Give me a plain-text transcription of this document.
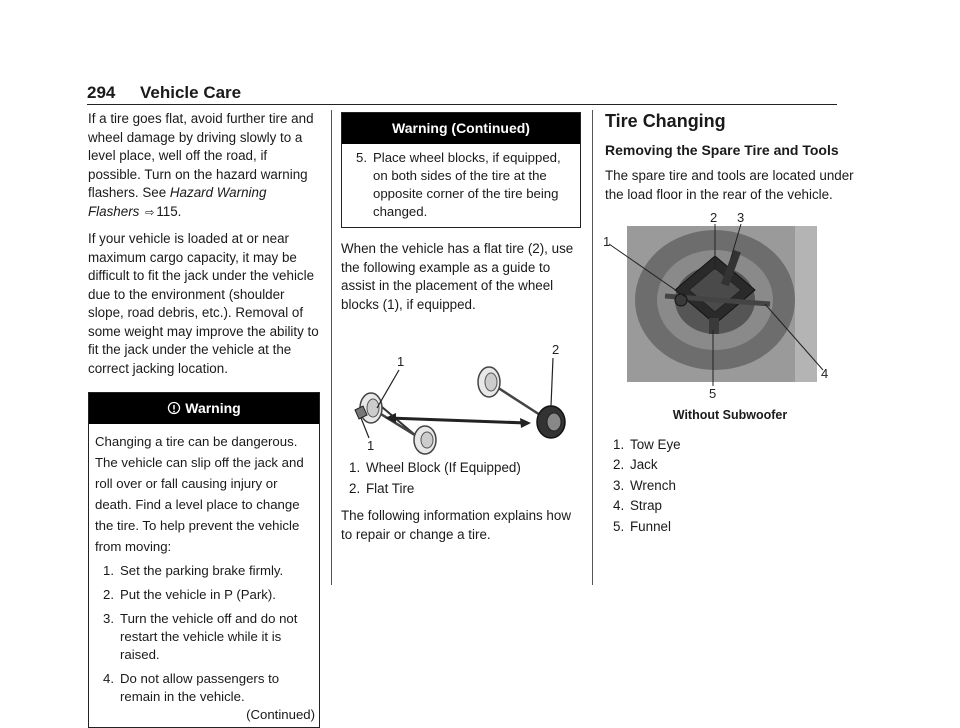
294 Vehicle Care

If a tire goes flat, avoid further tire and wheel damage by driving slowly to a level place, well off the road, if possible. Turn on the hazard warning flashers. See Hazard Warning Flashers ⇨ 115.

If your vehicle is loaded at or near maximum cargo capacity, it may be difficult to fit the jack under the vehicle due to the environment (shoulder slope, road debris, etc.). Removal of some weight may improve the ability to fit the jack under the vehicle at the correct jacking location.

Warning

Changing a tire can be dangerous. The vehicle can slip off the jack and roll over or fall causing injury or death. Find a level place to change the tire. To help prevent the vehicle from moving:

1. Set the parking brake firmly.
2. Put the vehicle in P (Park).
3. Turn the vehicle off and do not restart the vehicle while it is raised.
4. Do not allow passengers to remain in the vehicle.
(Continued)
Warning (Continued)
5. Place wheel blocks, if equipped, on both sides of the tire at the opposite corner of the tire being changed.

When the vehicle has a flat tire (2), use the following example as a guide to assist in the placement of the wheel blocks (1), if equipped.

1
2
1
1. Wheel Block (If Equipped)
2. Flat Tire

The following information explains how to repair or change a tire.

Tire Changing
Removing the Spare Tire and Tools

The spare tire and tools are located under the load floor in the rear of the vehicle.

1
2 3
4
5
Without Subwoofer
1. Tow Eye
2. Jack
3. Wrench
4. Strap
5. Funnel
